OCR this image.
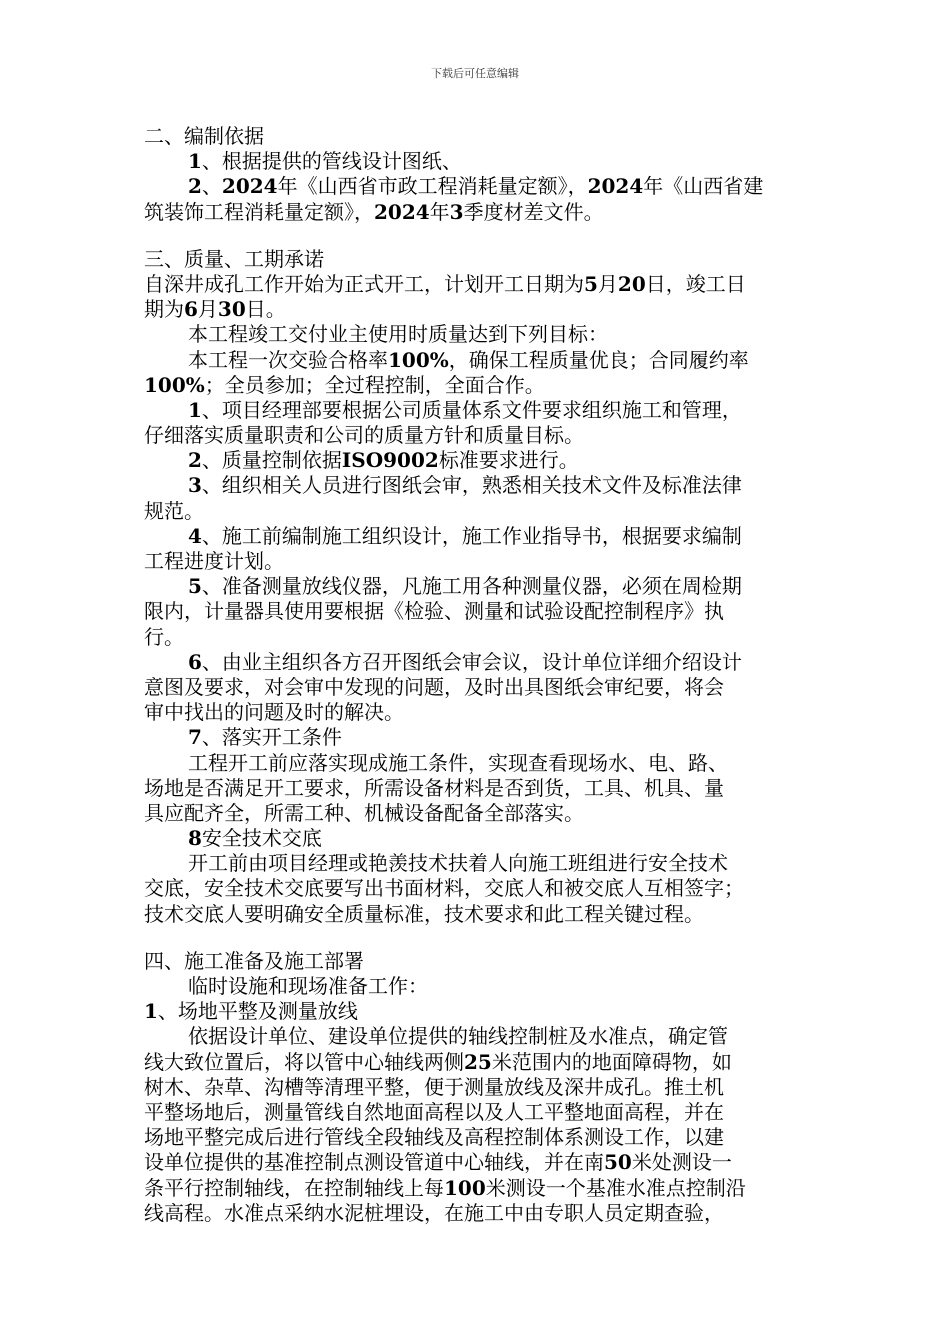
下载后可任意编辑
二、编制依据
1、根据提供的管线设计图纸、
2、2024年《山西省市政工程消耗量定额》，2024年《山西省建
筑装饰工程消耗量定额》，2024年3季度材差文件。
三、质量、工期承诺
自深井成孔工作开始为正式开工，计划开工日期为5月20日，竣工日
期为6月30日。
本工程竣工交付业主使用时质量达到下列目标：
本工程一次交验合格率100%，确保工程质量优良；合同履约率
100%；全员参加；全过程控制，全面合作。
1、项目经理部要根据公司质量体系文件要求组织施工和管理，
仔细落实质量职责和公司的质量方针和质量目标。
2、质量控制依据ISO9002标准要求进行。
3、组织相关人员进行图纸会审，熟悉相关技术文件及标准法律
规范。
4、施工前编制施工组织设计，施工作业指导书，根据要求编制
工程进度计划。
5、准备测量放线仪器，凡施工用各种测量仪器，必须在周检期
限内，计量器具使用要根据《检验、测量和试验设配控制程序》执
行。
6、由业主组织各方召开图纸会审会议，设计单位详细介绍设计
意图及要求，对会审中发现的问题，及时出具图纸会审纪要，将会
审中找出的问题及时的解决。
7、落实开工条件
工程开工前应落实现成施工条件，实现查看现场水、电、路、
场地是否满足开工要求，所需设备材料是否到货，工具、机具、量
具应配齐全，所需工种、机械设备配备全部落实。
8安全技术交底
开工前由项目经理或艳羡技术扶着人向施工班组进行安全技术
交底，安全技术交底要写出书面材料，交底人和被交底人互相签字；
技术交底人要明确安全质量标准，技术要求和此工程关键过程。
四、施工准备及施工部署
临时设施和现场准备工作：
1、场地平整及测量放线
依据设计单位、建设单位提供的轴线控制桩及水准点，确定管
线大致位置后，将以管中心轴线两侧25米范围内的地面障碍物，如
树木、杂草、沟槽等清理平整，便于测量放线及深井成孔。推土机
平整场地后，测量管线自然地面高程以及人工平整地面高程，并在
场地平整完成后进行管线全段轴线及高程控制体系测设工作，以建
设单位提供的基准控制点测设管道中心轴线，并在南50米处测设一
条平行控制轴线，在控制轴线上每100米测设一个基准水准点控制沿
线高程。水准点采纳水泥桩埋设，在施工中由专职人员定期查验，
